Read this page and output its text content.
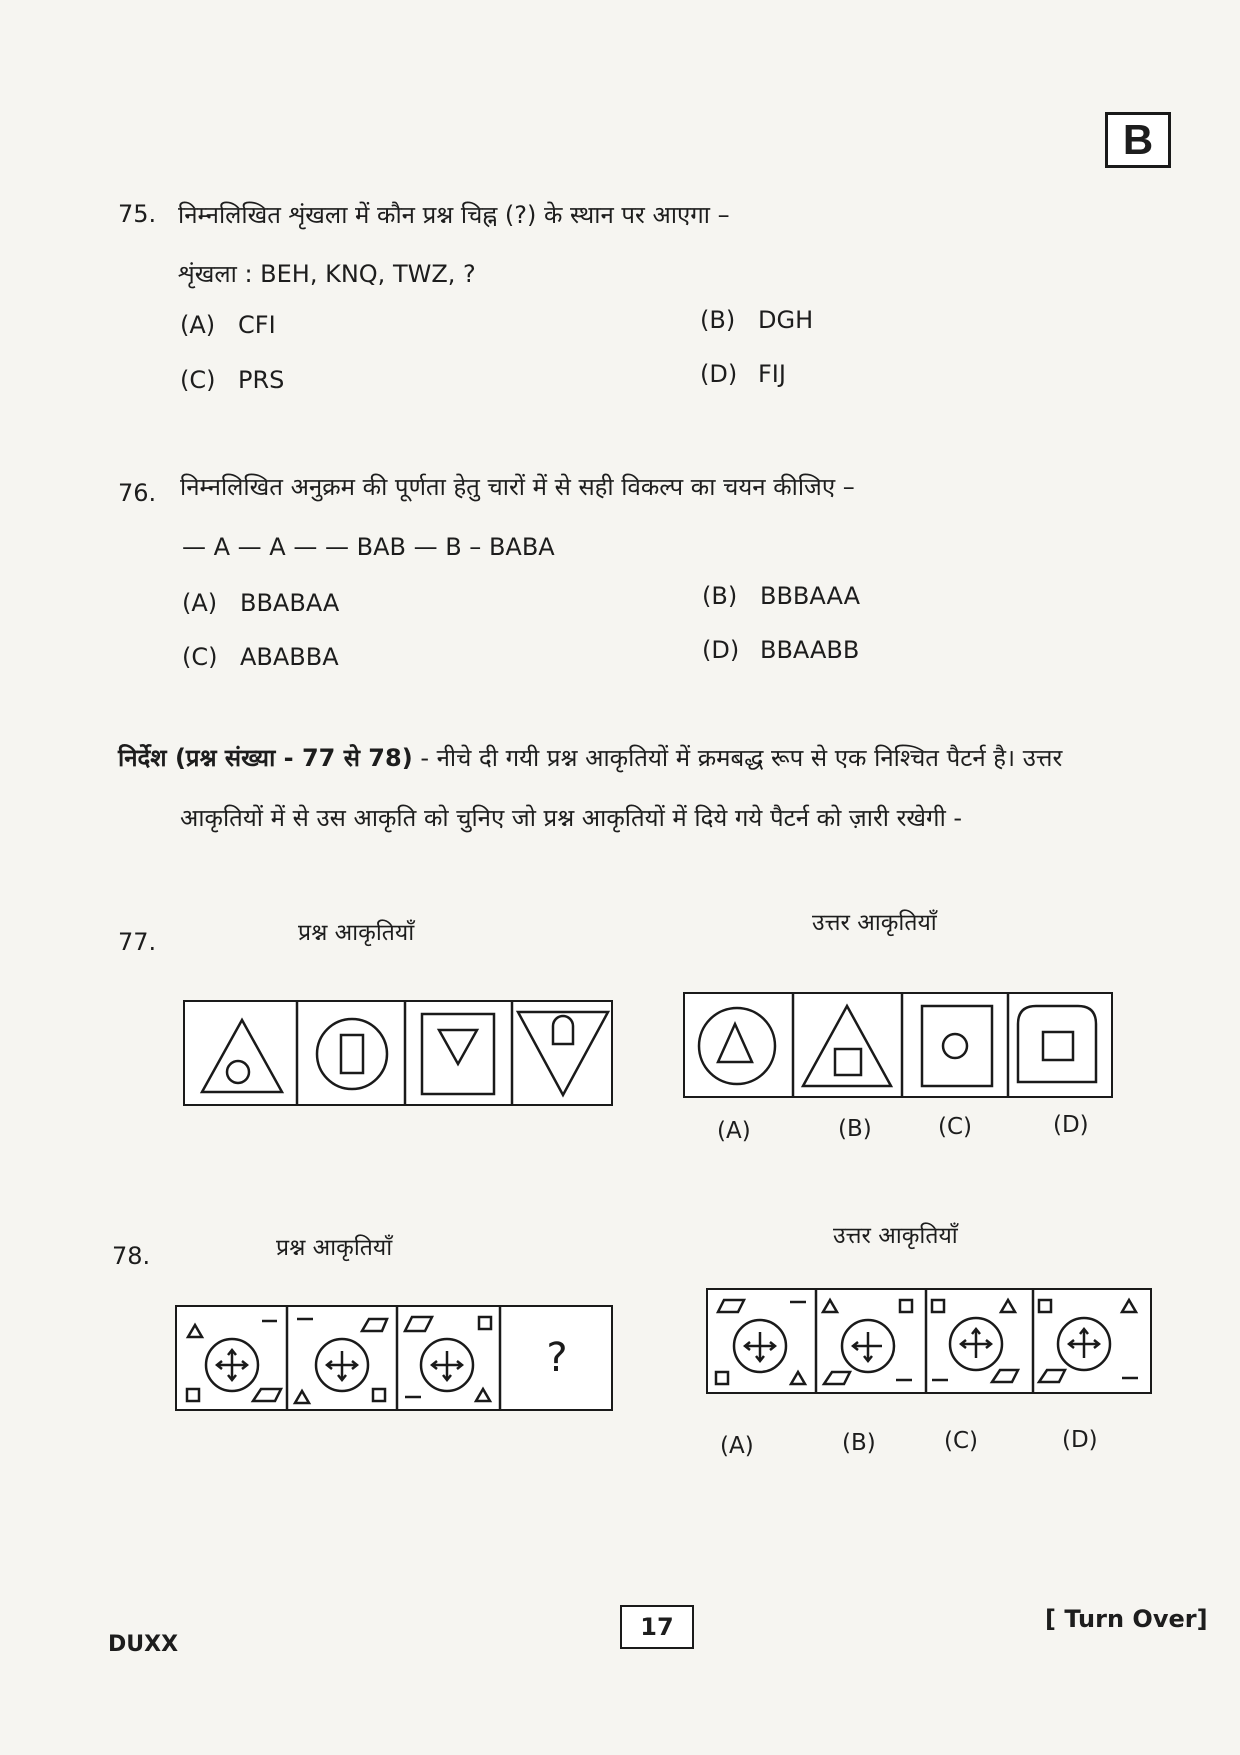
B
75. निम्नलिखित शृंखला में कौन प्रश्न चिह्न (?) के स्थान पर आएगा –
शृंखला : BEH, KNQ, TWZ, ?
(A) CFI	(B) DGH
(C) PRS	(D) FIJ
76. निम्नलिखित अनुक्रम की पूर्णता हेतु चारों में से सही विकल्प का चयन कीजिए –
— A — A — — BAB — B – BABA
(A) BBABAA	(B) BBBAAA
(C) ABABBA	(D) BBAABB
निर्देश (प्रश्न संख्या - 77 से 78) - नीचे दी गयी प्रश्न आकृतियों में क्रमबद्ध रूप से एक निश्चित पैटर्न है। उत्तर
आकृतियों में से उस आकृति को चुनिए जो प्रश्न आकृतियों में दिये गये पैटर्न को ज़ारी रखेगी -
77.	प्रश्न आकृतियाँ	उत्तर आकृतियाँ
(A)	(B)	(C)	(D)
78.	प्रश्न आकृतियाँ	उत्तर आकृतियाँ
?
(A)	(B)	(C)	(D)
17
DUXX
[ Turn Over]
